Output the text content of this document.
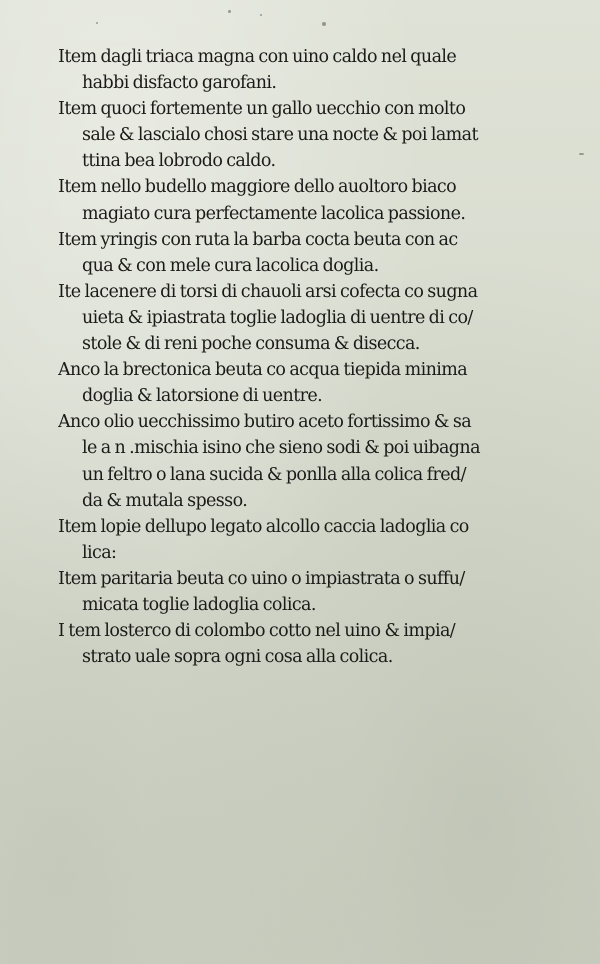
Item dagli triaca magna con uino caldo nel quale
habbi disfacto garofani.
Item quoci fortemente un gallo uecchio con molto
sale & lascialo chosi stare una nocte & poi lamat
ttina bea lobrodo caldo.
Item nello budello maggiore dello auoltoro biaco
magiato cura perfectamente lacolica passione.
Item yringis con ruta la barba cocta beuta con ac
qua & con mele cura lacolica doglia.
Ite lacenere di torsi di chauoli arsi cofecta co sugna
uieta & ipiastrata toglie ladoglia di uentre di co/
stole & di reni poche consuma & disecca.
Anco la brectonica beuta co acqua tiepida minima
doglia & latorsione di uentre.
Anco olio uecchissimo butiro aceto fortissimo & sa
le a n .mischia isino che sieno sodi & poi uibagna
un feltro o lana sucida & ponlla alla colica fred/
da & mutala spesso.
Item lopie dellupo legato alcollo caccia ladoglia co
lica:
Item paritaria beuta co uino o impiastrata o suffu/
micata toglie ladoglia colica.
I tem losterco di colombo cotto nel uino & impia/
strato uale sopra ogni cosa alla colica.
